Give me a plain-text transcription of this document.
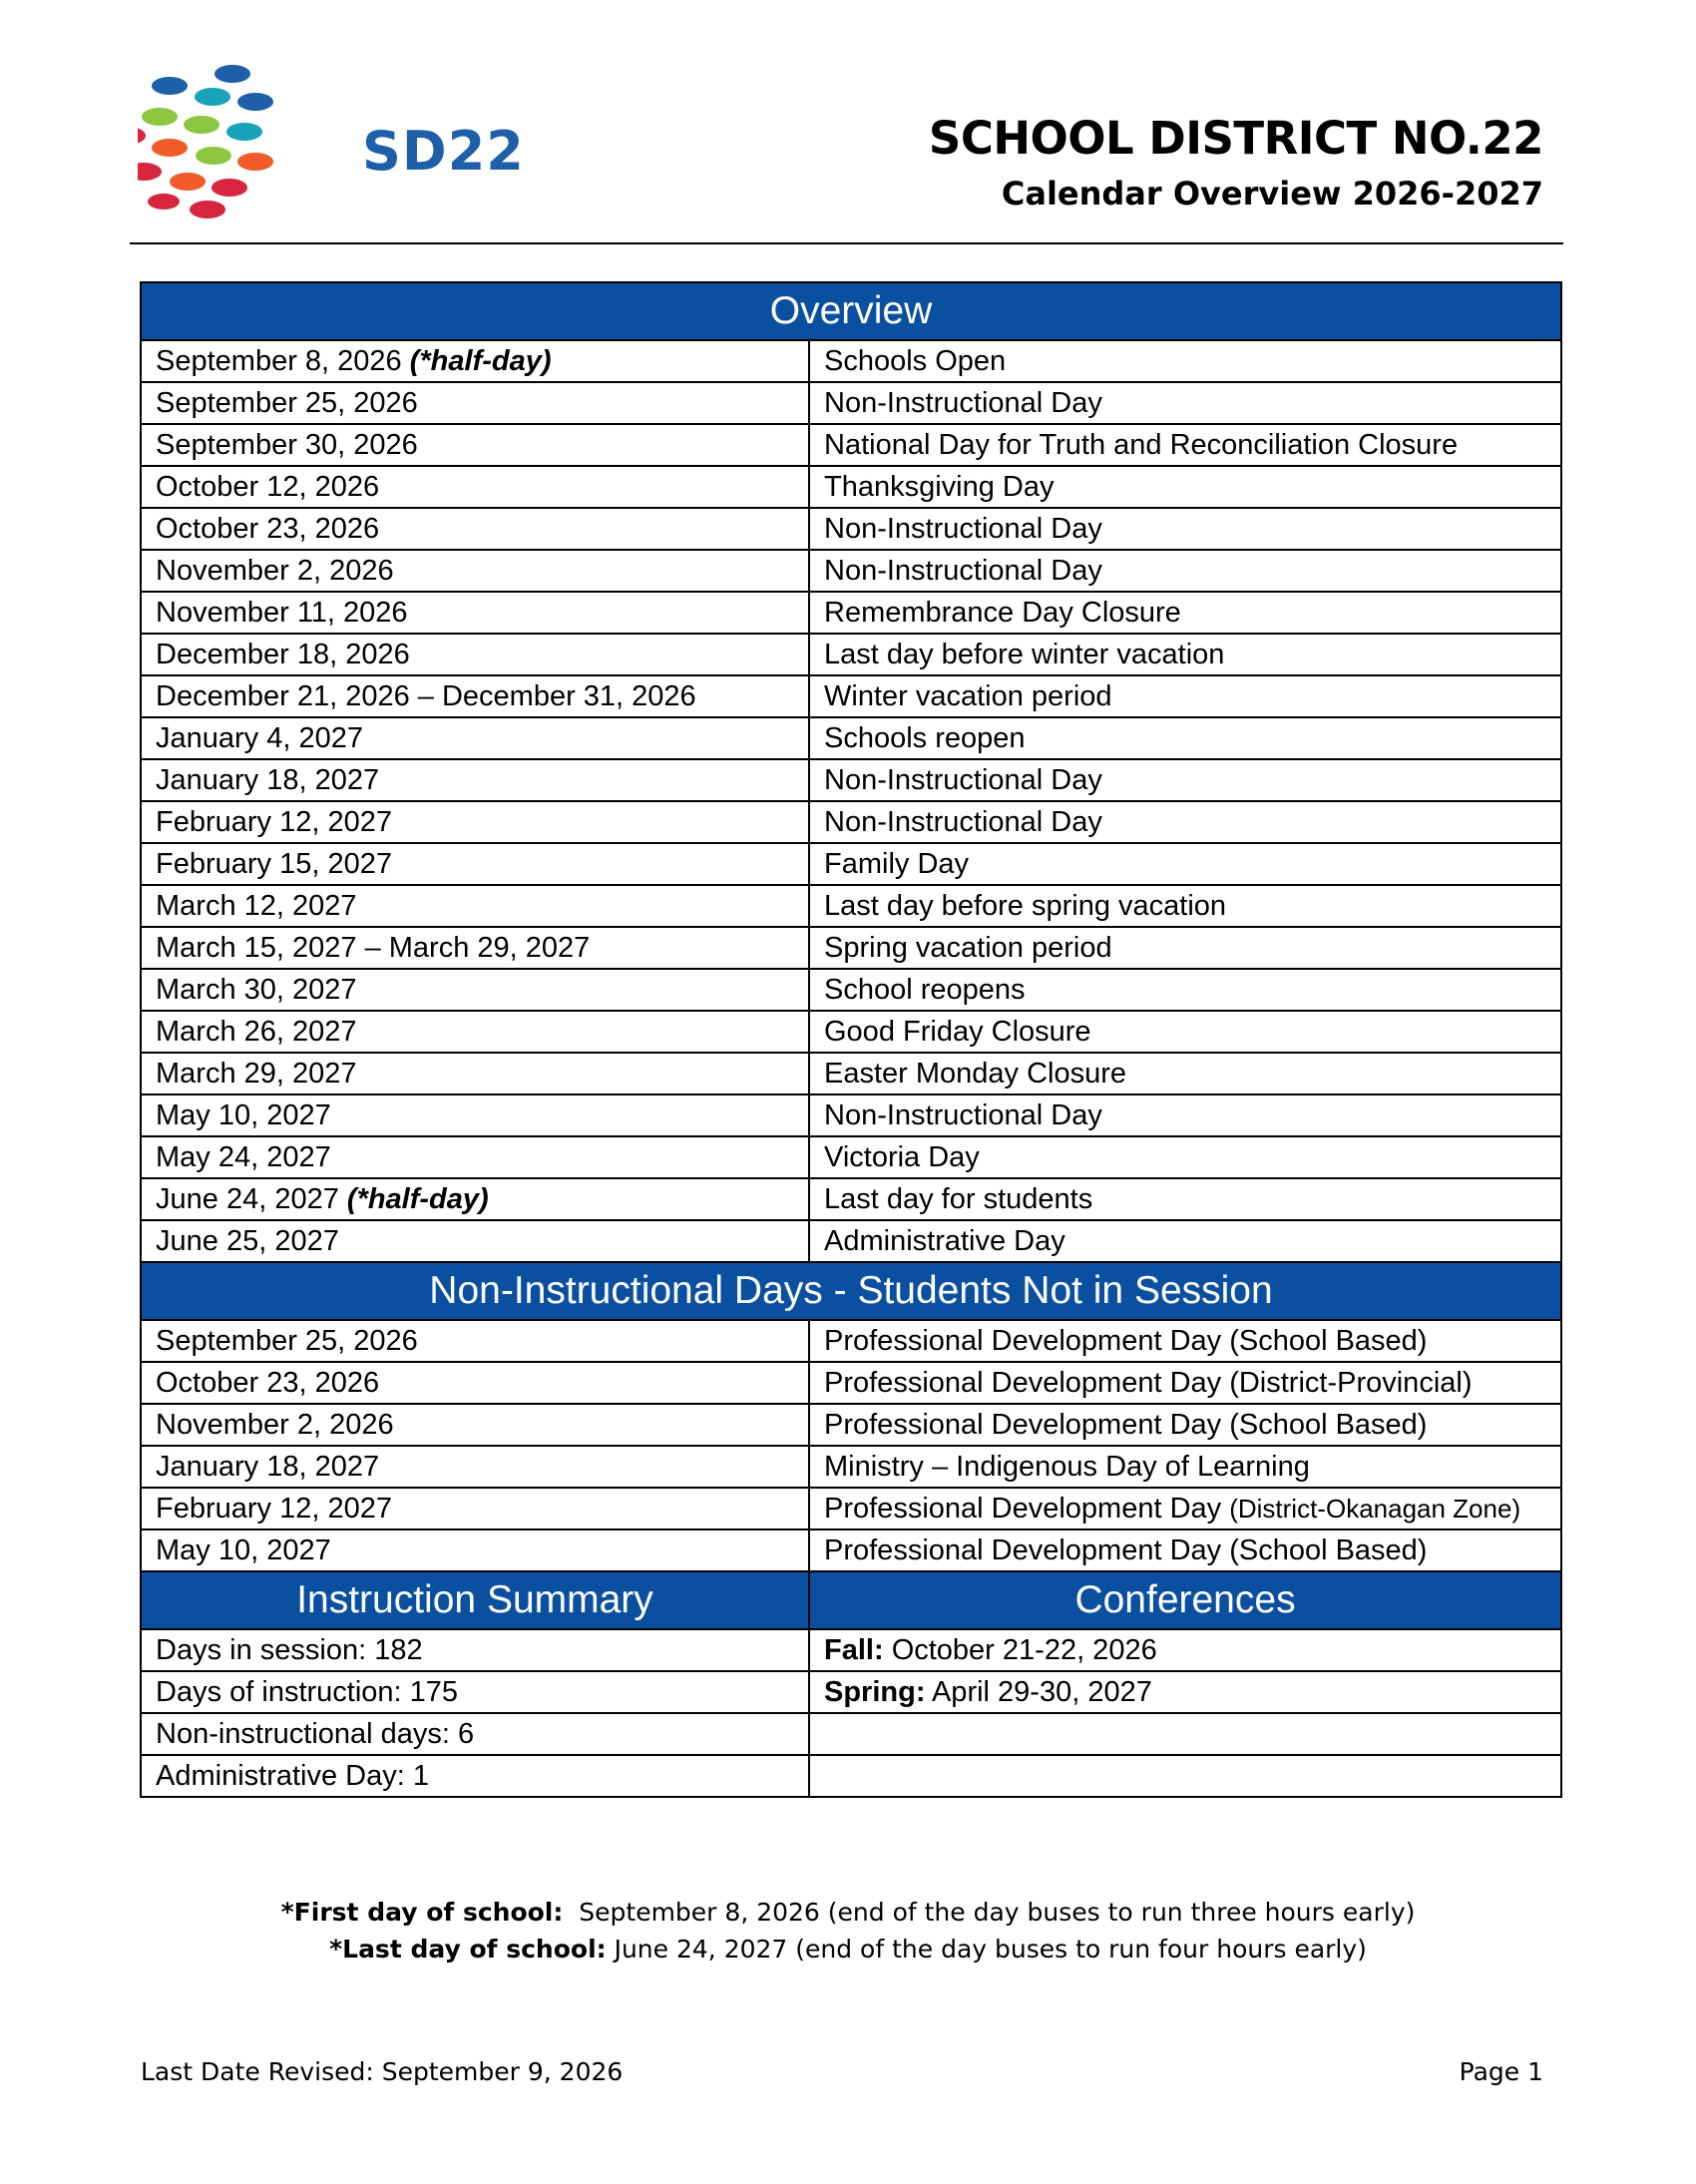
SD22	SCHOOL DISTRICT NO.22
Calendar Overview 2026-2027
Overview	
September 8, 2026 (*half-day)	Schools Open
September 25, 2026	Non-Instructional Day
September 30, 2026	National Day for Truth and Reconciliation Closure
October 12, 2026	Thanksgiving Day
October 23, 2026	Non-Instructional Day
November 2, 2026	Non-Instructional Day
November 11, 2026	Remembrance Day Closure
December 18, 2026	Last day before winter vacation
December 21, 2026 – December 31, 2026	Winter vacation period
January 4, 2027	Schools reopen
January 18, 2027	Non-Instructional Day
February 12, 2027	Non-Instructional Day
February 15, 2027	Family Day
March 12, 2027	Last day before spring vacation
March 15, 2027 – March 29, 2027	Spring vacation period
March 30, 2027	School reopens
March 26, 2027	Good Friday Closure
March 29, 2027	Easter Monday Closure
May 10, 2027	Non-Instructional Day
May 24, 2027	Victoria Day
June 24, 2027 (*half-day)	Last day for students
June 25, 2027	Administrative Day
Non-Instructional Days - Students Not in Session	
September 25, 2026	Professional Development Day (School Based)
October 23, 2026	Professional Development Day (District-Provincial)
November 2, 2026	Professional Development Day (School Based)
January 18, 2027	Ministry – Indigenous Day of Learning
February 12, 2027	Professional Development Day (District-Okanagan Zone)
May 10, 2027	Professional Development Day (School Based)
Instruction Summary	Conferences
Days in session: 182	Fall: October 21-22, 2026
Days of instruction: 175	Spring: April 29-30, 2027
Non-instructional days: 6	
Administrative Day: 1	
*First day of school: September 8, 2026 (end of the day buses to run three hours early)
*Last day of school: June 24, 2027 (end of the day buses to run four hours early)
Last Date Revised: September 9, 2026	Page 1
